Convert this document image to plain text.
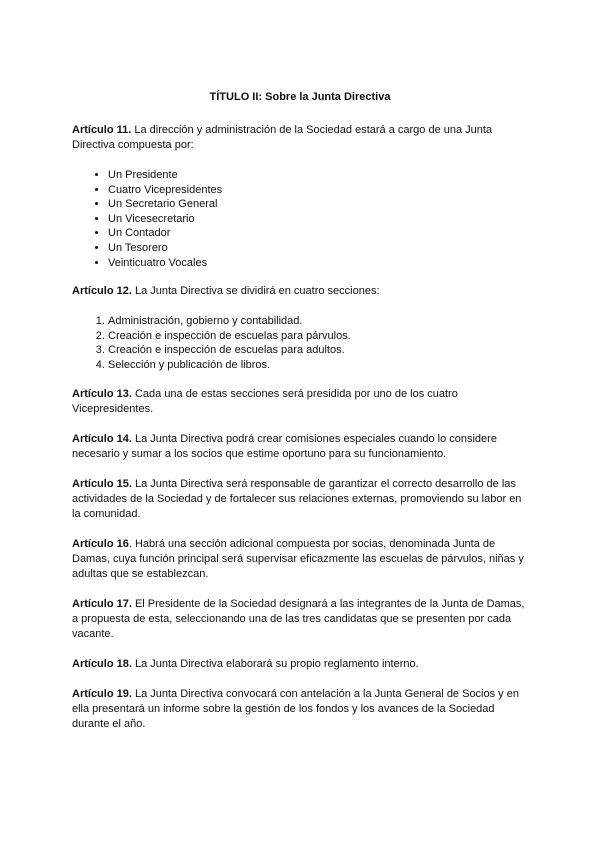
TÍTULO II: Sobre la Junta Directiva

Artículo 11. La dirección y administración de la Sociedad estará a cargo de una Junta Directiva compuesta por:

• Un Presidente
• Cuatro Vicepresidentes
• Un Secretario General
• Un Vicesecretario
• Un Contador
• Un Tesorero
• Veinticuatro Vocales

Artículo 12. La Junta Directiva se dividirá en cuatro secciones:

1. Administración, gobierno y contabilidad.
2. Creación e inspección de escuelas para párvulos.
3. Creación e inspección de escuelas para adultos.
4. Selección y publicación de libros.

Artículo 13. Cada una de estas secciones será presidida por uno de los cuatro Vicepresidentes.

Artículo 14. La Junta Directiva podrá crear comisiones especiales cuando lo considere necesario y sumar a los socios que estime oportuno para su funcionamiento.

Artículo 15. La Junta Directiva será responsable de garantizar el correcto desarrollo de las actividades de la Sociedad y de fortalecer sus relaciones externas, promoviendo su labor en la comunidad.

Artículo 16. Habrá una sección adicional compuesta por socias, denominada Junta de Damas, cuya función principal será supervisar eficazmente las escuelas de párvulos, niñas y adultas que se establezcan.

Artículo 17. El Presidente de la Sociedad designará a las integrantes de la Junta de Damas, a propuesta de esta, seleccionando una de las tres candidatas que se presenten por cada vacante.

Artículo 18. La Junta Directiva elaborará su propio reglamento interno.

Artículo 19. La Junta Directiva convocará con antelación a la Junta General de Socios y en ella presentará un informe sobre la gestión de los fondos y los avances de la Sociedad durante el año.
